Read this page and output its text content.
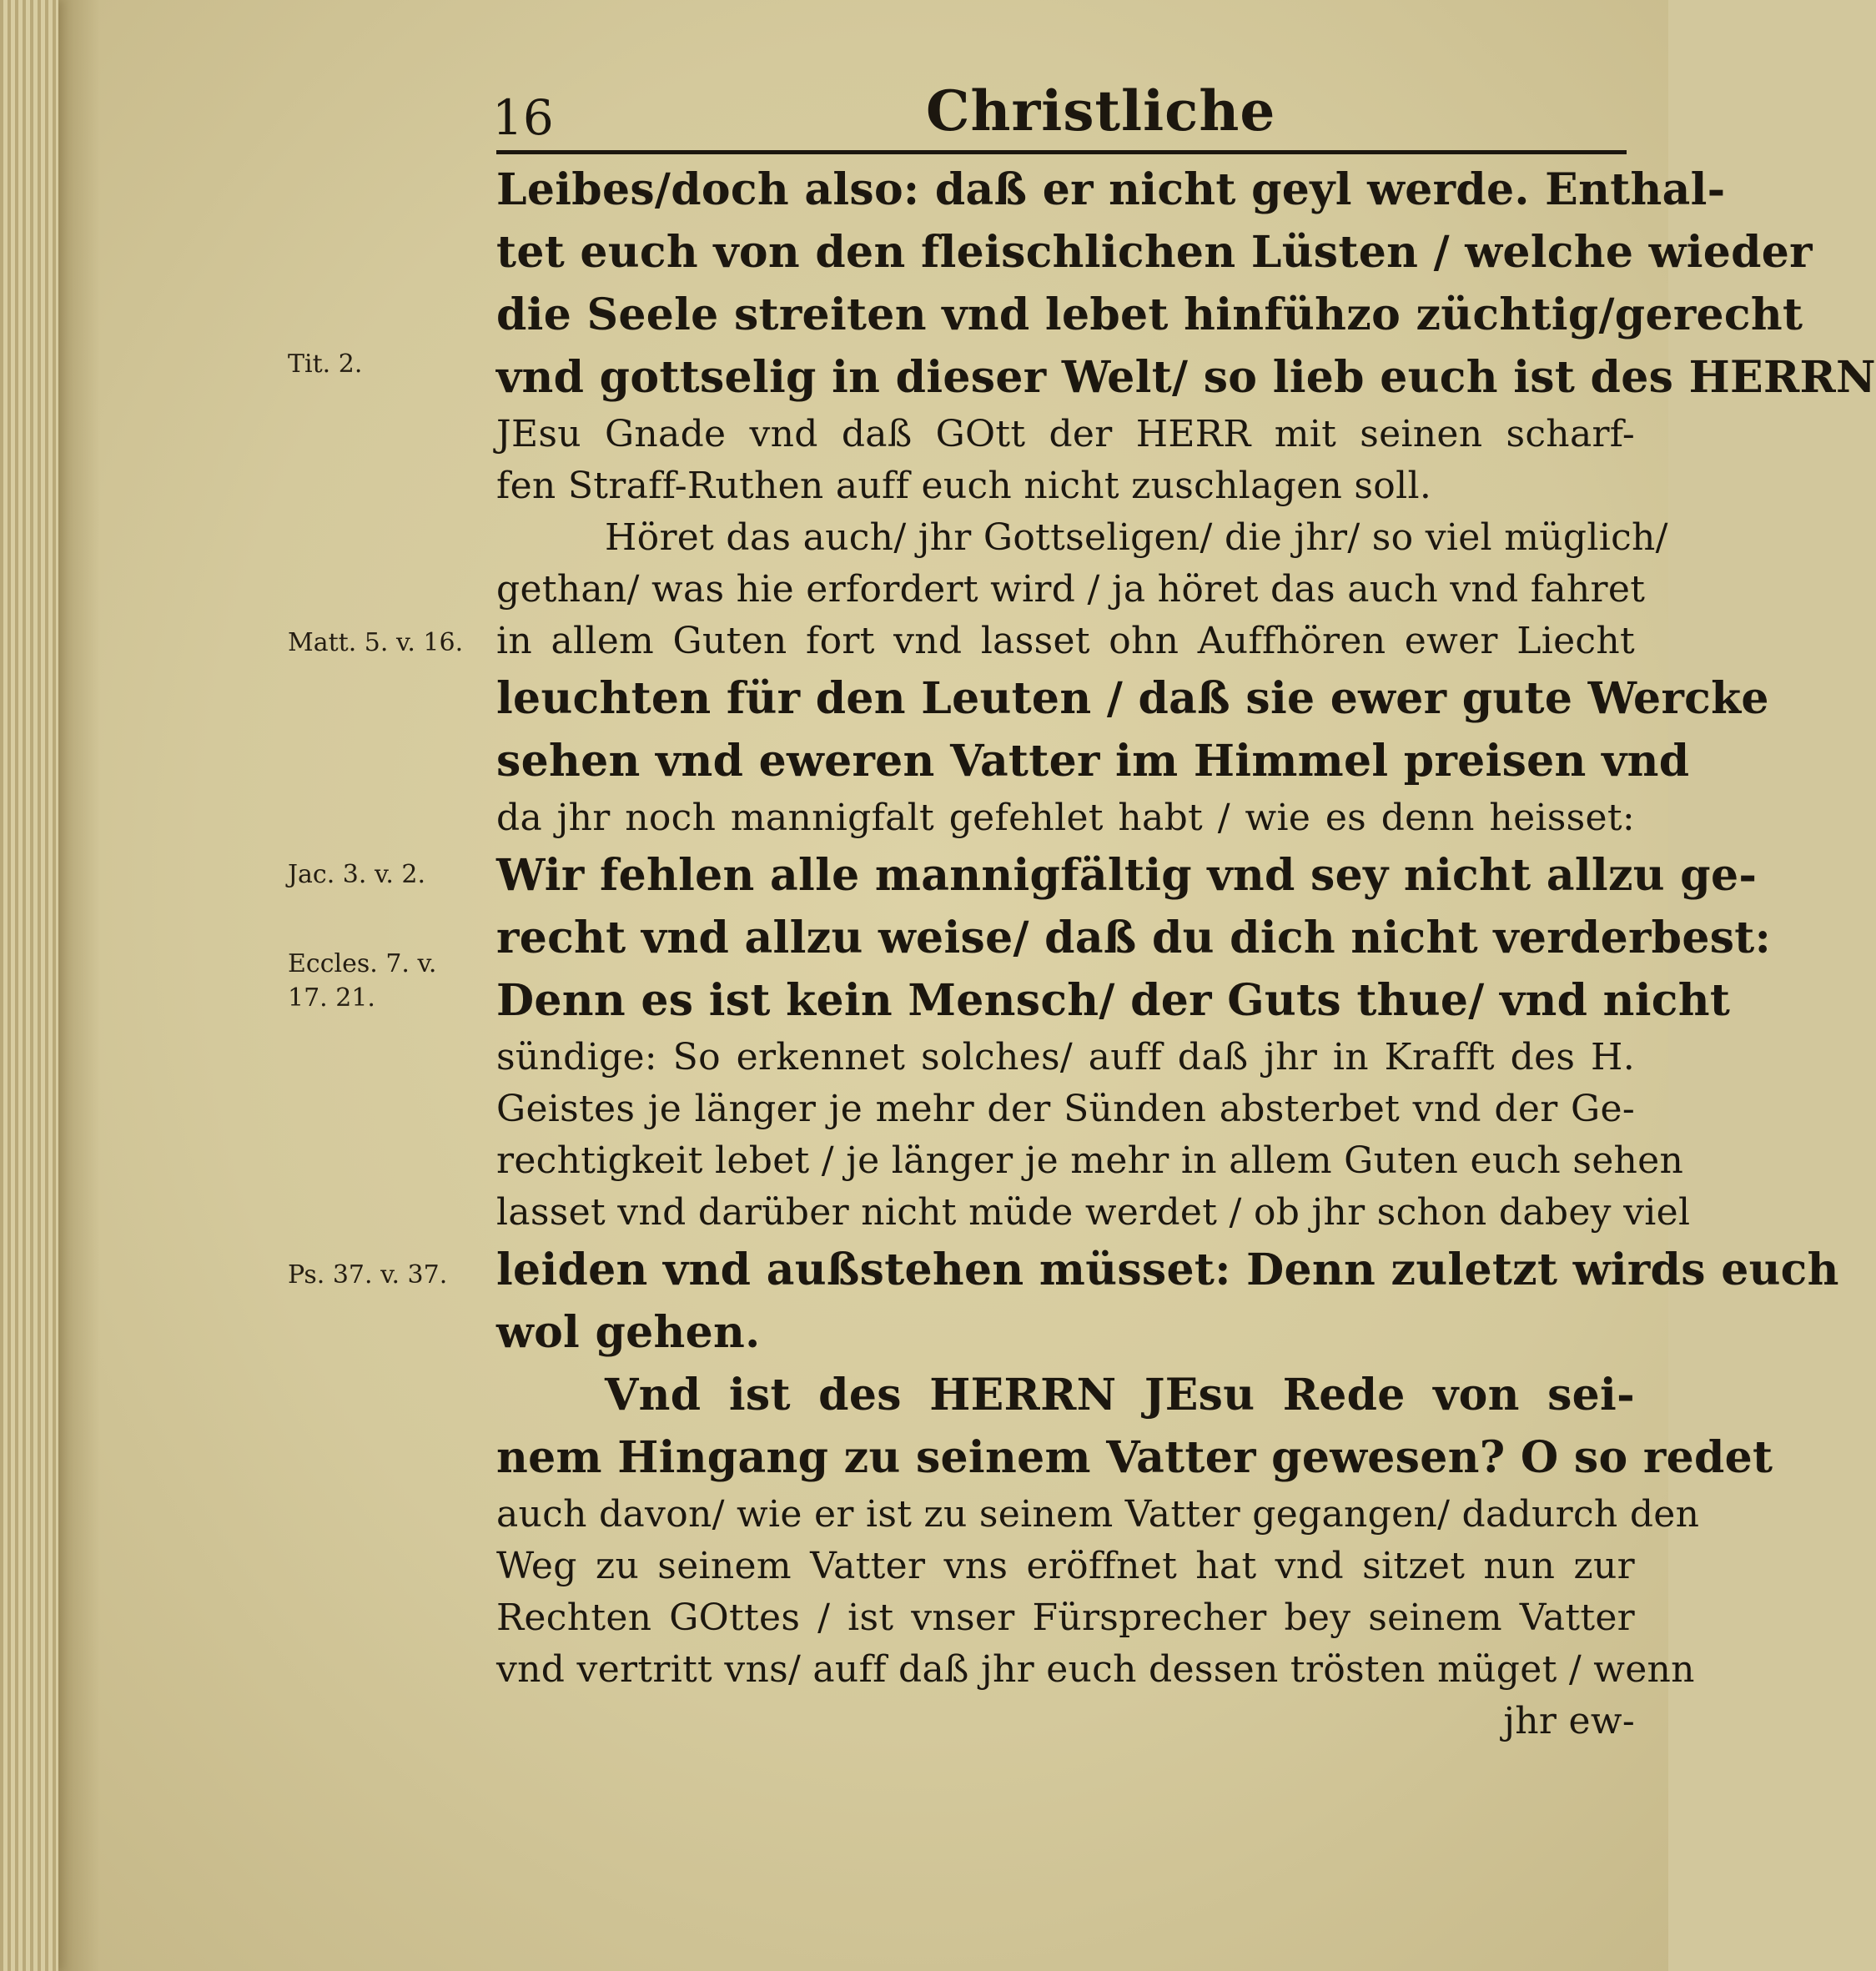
16	Christliche
Tit. 2.
Matt. 5. v. 16.
Jac. 3. v. 2.
Eccles. 7. v.
17. 21.
Ps. 37. v. 37.
Leibes/doch also: daß er nicht geyl werde. Enthal-
tet euch von den fleischlichen Lüsten / welche wieder
die Seele streiten vnd lebet hinfühzo züchtig/gerecht
vnd gottselig in dieser Welt/ so lieb euch ist des HERRN
JEsu Gnade vnd daß GOtt der HERR mit seinen scharf-
fen Straff-Ruthen auff euch nicht zuschlagen soll.
Höret das auch/ jhr Gottseligen/ die jhr/ so viel müglich/
gethan/ was hie erfordert wird / ja höret das auch vnd fahret
in allem Guten fort vnd lasset ohn Auffhören ewer Liecht
leuchten für den Leuten / daß sie ewer gute Wercke
sehen vnd eweren Vatter im Himmel preisen vnd
da jhr noch mannigfalt gefehlet habt / wie es denn heisset:
Wir fehlen alle mannigfältig vnd sey nicht allzu ge-
recht vnd allzu weise/ daß du dich nicht verderbest:
Denn es ist kein Mensch/ der Guts thue/ vnd nicht
sündige: So erkennet solches/ auff daß jhr in Krafft des H.
Geistes je länger je mehr der Sünden absterbet vnd der Ge-
rechtigkeit lebet / je länger je mehr in allem Guten euch sehen
lasset vnd darüber nicht müde werdet / ob jhr schon dabey viel
leiden vnd außstehen müsset: Denn zuletzt wirds euch
wol gehen.
Vnd ist des HERRN JEsu Rede von sei-
nem Hingang zu seinem Vatter gewesen? O so redet
auch davon/ wie er ist zu seinem Vatter gegangen/ dadurch den
Weg zu seinem Vatter vns eröffnet hat vnd sitzet nun zur
Rechten GOttes / ist vnser Fürsprecher bey seinem Vatter
vnd vertritt vns/ auff daß jhr euch dessen trösten müget / wenn
jhr ew-
